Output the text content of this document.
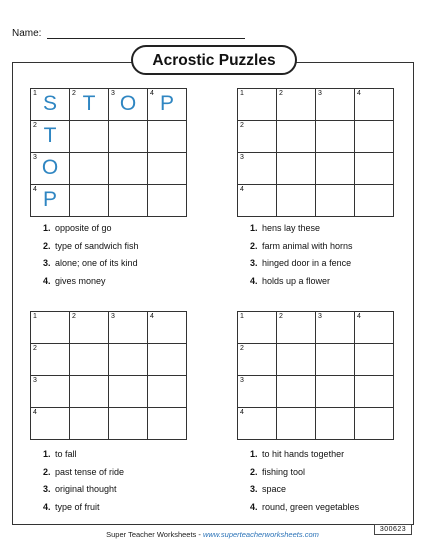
Name:
Acrostic Puzzles
1 S	2 T	3 O	4 P
2 T
3 O
4 P
1. opposite of go
2. type of sandwich fish
3. alone; one of its kind
4. gives money
1	2	3	4
2
3
4
1. hens lay these
2. farm animal with horns
3. hinged door in a fence
4. holds up a flower
1	2	3	4
2
3
4
1. to fall
2. past tense of ride
3. original thought
4. type of fruit
1	2	3	4
2
3
4
1. to hit hands together
2. fishing tool
3. space
4. round, green vegetables
Super Teacher Worksheets - www.superteacherworksheets.com
300623
